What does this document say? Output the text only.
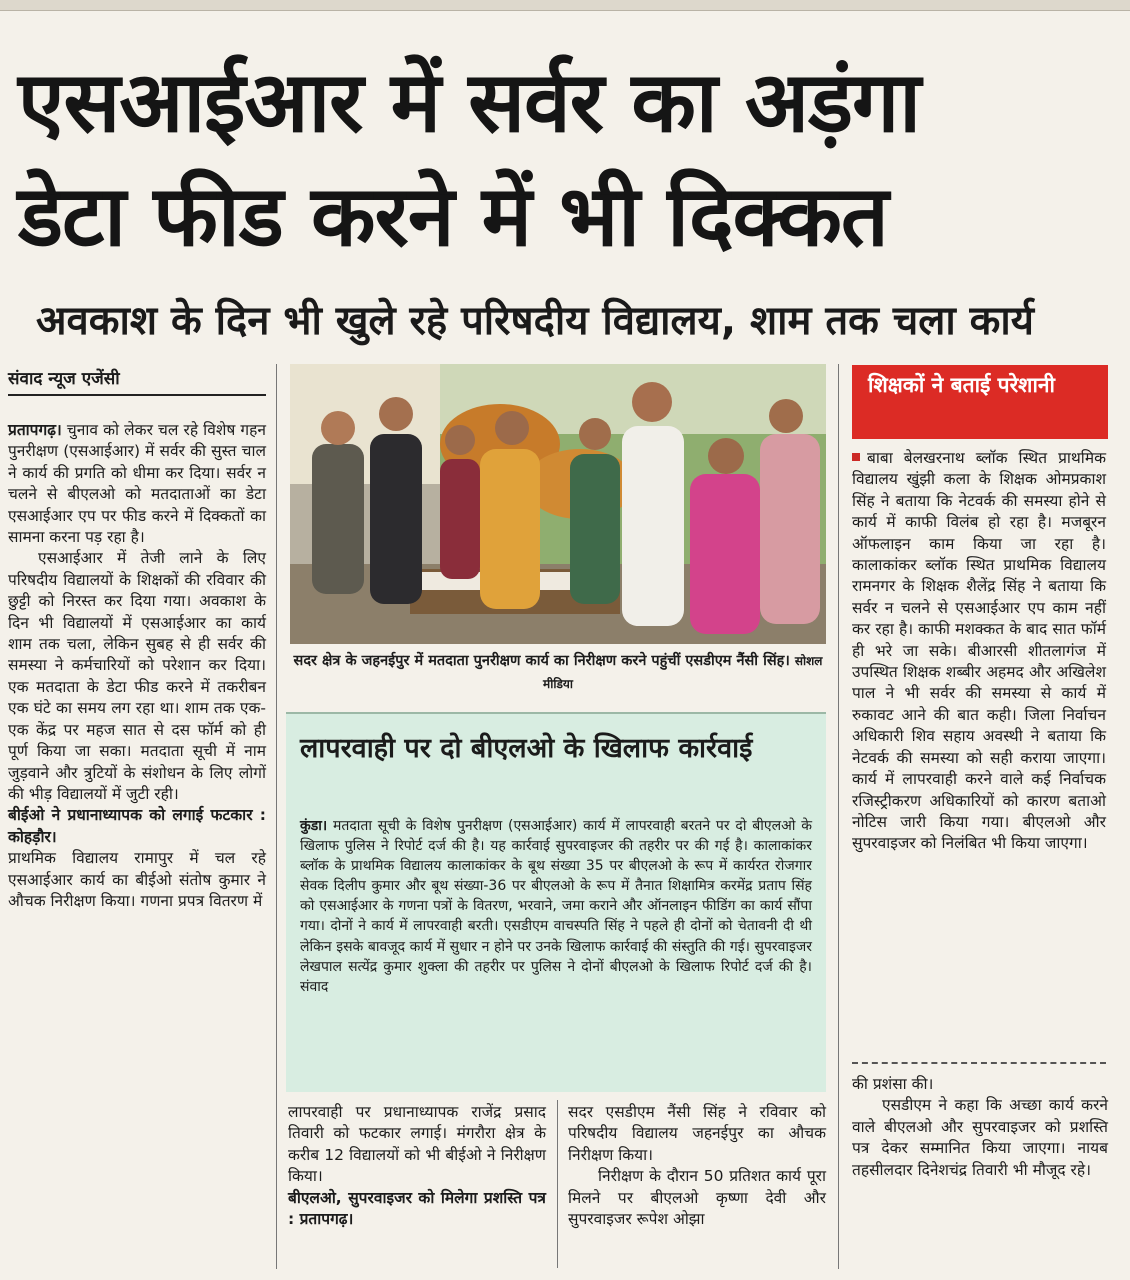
एसआईआर में सर्वर का अड़ंगा
डेटा फीड करने में भी दिक्कत
अवकाश के दिन भी खुले रहे परिषदीय विद्यालय, शाम तक चला कार्य
संवाद न्यूज एजेंसी

प्रतापगढ़। चुनाव को लेकर चल रहे विशेष गहन पुनरीक्षण (एसआईआर) में सर्वर की सुस्त चाल ने कार्य की प्रगति को धीमा कर दिया। सर्वर न चलने से बीएलओ को मतदाताओं का डेटा एसआईआर एप पर फीड करने में दिक्कतों का सामना करना पड़ रहा है।

एसआईआर में तेजी लाने के लिए परिषदीय विद्यालयों के शिक्षकों की रविवार की छुट्टी को निरस्त कर दिया गया। अवकाश के दिन भी विद्यालयों में एसआईआर का कार्य शाम तक चला, लेकिन सुबह से ही सर्वर की समस्या ने कर्मचारियों को परेशान कर दिया। एक मतदाता के डेटा फीड करने में तकरीबन एक घंटे का समय लग रहा था। शाम तक एक-एक केंद्र पर महज सात से दस फॉर्म को ही पूर्ण किया जा सका। मतदाता सूची में नाम जुड़वाने और त्रुटियों के संशोधन के लिए लोगों की भीड़ विद्यालयों में जुटी रही।

बीईओ ने प्रधानाध्यापक को लगाई फटकार : कोहड़ौर।

प्राथमिक विद्यालय रामापुर में चल रहे एसआईआर कार्य का बीईओ संतोष कुमार ने औचक निरीक्षण किया। गणना प्रपत्र वितरण में

सदर क्षेत्र के जहनईपुर में मतदाता पुनरीक्षण कार्य का निरीक्षण करने पहुंचीं एसडीएम नैंसी सिंह। सोशल मीडिया
लापरवाही पर दो बीएलओ के खिलाफ कार्रवाई
कुंडा। मतदाता सूची के विशेष पुनरीक्षण (एसआईआर) कार्य में लापरवाही बरतने पर दो बीएलओ के खिलाफ पुलिस ने रिपोर्ट दर्ज की है। यह कार्रवाई सुपरवाइजर की तहरीर पर की गई है। कालाकांकर ब्लॉक के प्राथमिक विद्यालय कालाकांकर के बूथ संख्या 35 पर बीएलओ के रूप में कार्यरत रोजगार सेवक दिलीप कुमार और बूथ संख्या-36 पर बीएलओ के रूप में तैनात शिक्षामित्र करमेंद्र प्रताप सिंह को एसआईआर के गणना पत्रों के वितरण, भरवाने, जमा कराने और ऑनलाइन फीडिंग का कार्य सौंपा गया। दोनों ने कार्य में लापरवाही बरती। एसडीएम वाचस्पति सिंह ने पहले ही दोनों को चेतावनी दी थी लेकिन इसके बावजूद कार्य में सुधार न होने पर उनके खिलाफ कार्रवाई की संस्तुति की गई। सुपरवाइजर लेखपाल सत्येंद्र कुमार शुक्ला की तहरीर पर पुलिस ने दोनों बीएलओ के खिलाफ रिपोर्ट दर्ज की है। संवाद

लापरवाही पर प्रधानाध्यापक राजेंद्र प्रसाद तिवारी को फटकार लगाई। मंगरौरा क्षेत्र के करीब 12 विद्यालयों को भी बीईओ ने निरीक्षण किया।

बीएलओ, सुपरवाइजर को मिलेगा प्रशस्ति पत्र : प्रतापगढ़।

सदर एसडीएम नैंसी सिंह ने रविवार को परिषदीय विद्यालय जहनईपुर का औचक निरीक्षण किया।

निरीक्षण के दौरान 50 प्रतिशत कार्य पूरा मिलने पर बीएलओ कृष्णा देवी और सुपरवाइजर रूपेश ओझा

शिक्षकों ने बताई परेशानी

बाबा बेलखरनाथ ब्लॉक स्थित प्राथमिक विद्यालय खुंझी कला के शिक्षक ओमप्रकाश सिंह ने बताया कि नेटवर्क की समस्या होने से कार्य में काफी विलंब हो रहा है। मजबूरन ऑफलाइन काम किया जा रहा है। कालाकांकर ब्लॉक स्थित प्राथमिक विद्यालय रामनगर के शिक्षक शैलेंद्र सिंह ने बताया कि सर्वर न चलने से एसआईआर एप काम नहीं कर रहा है। काफी मशक्कत के बाद सात फॉर्म ही भरे जा सके। बीआरसी शीतलागंज में उपस्थित शिक्षक शब्बीर अहमद और अखिलेश पाल ने भी सर्वर की समस्या से कार्य में रुकावट आने की बात कही। जिला निर्वाचन अधिकारी शिव सहाय अवस्थी ने बताया कि नेटवर्क की समस्या को सही कराया जाएगा। कार्य में लापरवाही करने वाले कई निर्वाचक रजिस्ट्रीकरण अधिकारियों को कारण बताओ नोटिस जारी किया गया। बीएलओ और सुपरवाइजर को निलंबित भी किया जाएगा।

की प्रशंसा की।

एसडीएम ने कहा कि अच्छा कार्य करने वाले बीएलओ और सुपरवाइजर को प्रशस्ति पत्र देकर सम्मानित किया जाएगा। नायब तहसीलदार दिनेशचंद्र तिवारी भी मौजूद रहे।
